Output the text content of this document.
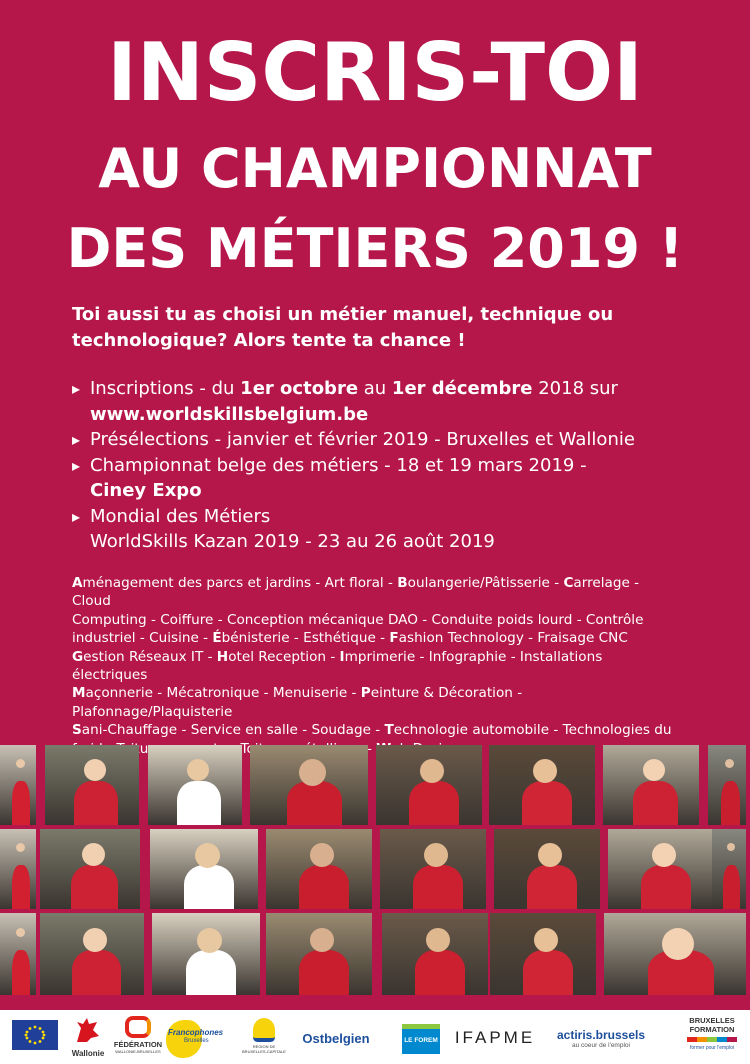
INSCRIS-TOI
AU CHAMPIONNAT
DES MÉTIERS 2019 !
Toi aussi tu as choisi un métier manuel, technique ou
technologique? Alors tente ta chance !
▸ Inscriptions - du 1er octobre au 1er décembre 2018 sur
www.worldskillsbelgium.be
▸ Présélections - janvier et février 2019 - Bruxelles et Wallonie
▸ Championnat belge des métiers - 18 et 19 mars 2019 -
Ciney Expo
▸ Mondial des Métiers
WorldSkills Kazan 2019 - 23 au 26 août 2019
Aménagement des parcs et jardins - Art floral - Boulangerie/Pâtisserie - Carrelage - Cloud
Computing - Coiffure - Conception mécanique DAO - Conduite poids lourd - Contrôle
industriel - Cuisine - Ébénisterie - Esthétique - Fashion Technology - Fraisage CNC
Gestion Réseaux IT - Hotel Reception - Imprimerie - Infographie - Installations électriques
Maçonnerie - Mécatronique - Menuiserie - Peinture & Décoration - Plafonnage/Plaquisterie
Sani-Chauffage - Service en salle - Soudage - Technologie automobile - Technologies du
Toiture -
Wallonie
FÉDÉRATION
WALLONIE-BRUXELLES
Francophones
Bruxelles
RÉGION DE BRUXELLES-CAPITALE
Ostbelgien	LE FOREM IFAPME	actiris.brussels
au coeur de l'emploi
BRUXELLES
FORMATION
former pour l'emploi
